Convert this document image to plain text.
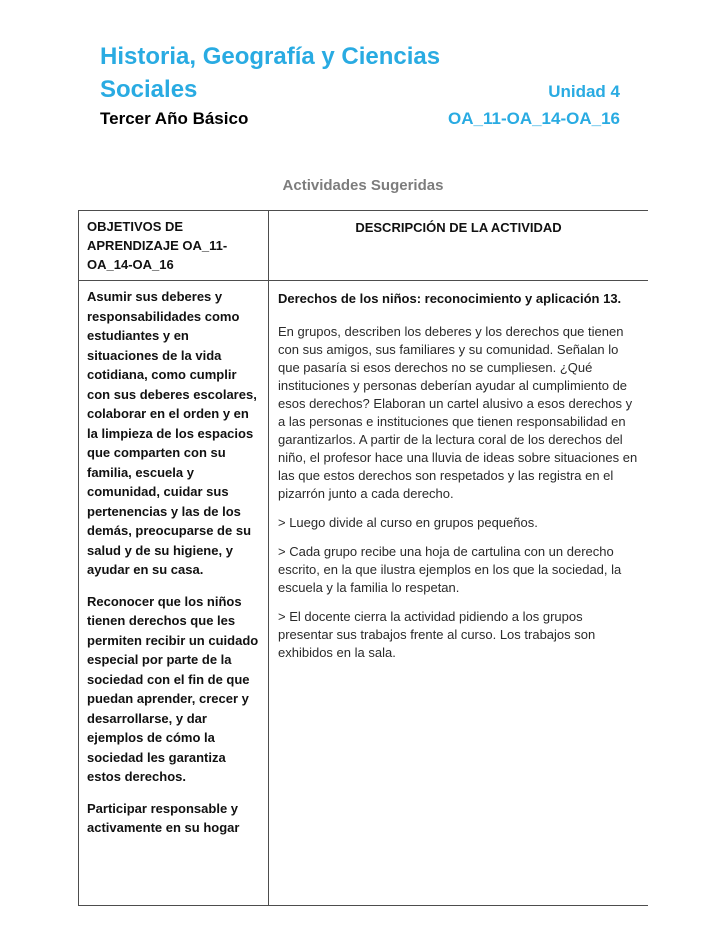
Historia, Geografía y Ciencias
Sociales	Unidad 4
Tercer Año Básico	OA_11-OA_14-OA_16
Actividades Sugeridas
OBJETIVOS DE APRENDIZAJE OA_11-OA_14-OA_16
DESCRIPCIÓN DE LA ACTIVIDAD

Asumir sus deberes y responsabilidades como estudiantes y en situaciones de la vida cotidiana, como cumplir con sus deberes escolares, colaborar en el orden y en la limpieza de los espacios que comparten con su familia, escuela y comunidad, cuidar sus pertenencias y las de los demás, preocuparse de su salud y de su higiene, y ayudar en su casa.

Reconocer que los niños tienen derechos que les permiten recibir un cuidado especial por parte de la sociedad con el fin de que puedan aprender, crecer y desarrollarse, y dar ejemplos de cómo la sociedad les garantiza estos derechos.

Participar responsable y activamente en su hogar

Derechos de los niños: reconocimiento y aplicación 13.

En grupos, describen los deberes y los derechos que tienen con sus amigos, sus familiares y su comunidad. Señalan lo que pasaría si esos derechos no se cumpliesen. ¿Qué instituciones y personas deberían ayudar al cumplimiento de esos derechos? Elaboran un cartel alusivo a esos derechos y a las personas e instituciones que tienen responsabilidad en garantizarlos. A partir de la lectura coral de los derechos del niño, el profesor hace una lluvia de ideas sobre situaciones en las que estos derechos son respetados y las registra en el pizarrón junto a cada derecho.

> Luego divide al curso en grupos pequeños.

> Cada grupo recibe una hoja de cartulina con un derecho escrito, en la que ilustra ejemplos en los que la sociedad, la escuela y la familia lo respetan.

> El docente cierra la actividad pidiendo a los grupos presentar sus trabajos frente al curso. Los trabajos son exhibidos en la sala.
